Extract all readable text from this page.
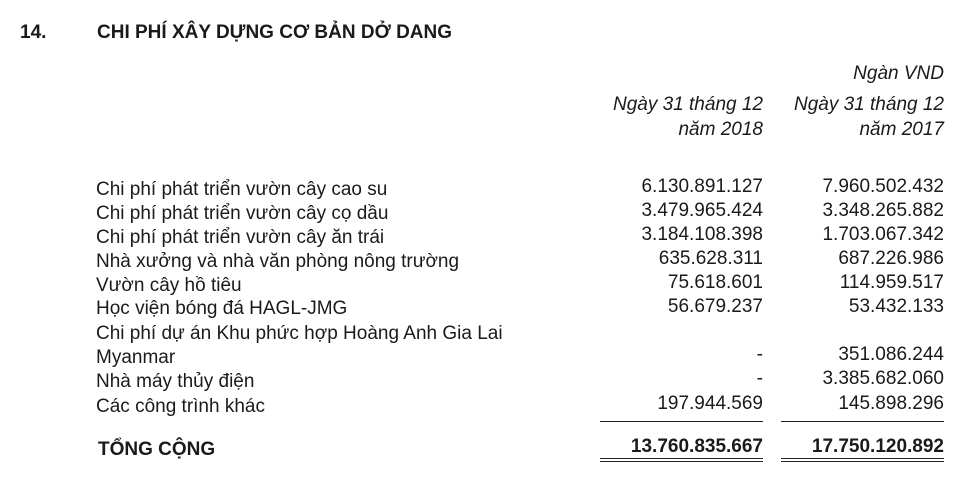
14.	CHI PHÍ XÂY DỰNG CƠ BẢN DỞ DANG
Ngàn VND
Ngày 31 tháng 12
năm 2018
Ngày 31 tháng 12
năm 2017
Chi phí phát triển vườn cây cao su	6.130.891.127	7.960.502.432
Chi phí phát triển vườn cây cọ dầu	3.479.965.424	3.348.265.882
Chi phí phát triển vườn cây ăn trái	3.184.108.398	1.703.067.342
Nhà xưởng và nhà văn phòng nông trường	635.628.311	687.226.986
Vườn cây hồ tiêu	75.618.601	114.959.517
Học viện bóng đá HAGL-JMG	56.679.237	53.432.133
Chi phí dự án Khu phức hợp Hoàng Anh Gia Lai
Myanmar	-	351.086.244
Nhà máy thủy điện	-	3.385.682.060
Các công trình khác	197.944.569	145.898.296
TỔNG CỘNG	13.760.835.667	17.750.120.892
